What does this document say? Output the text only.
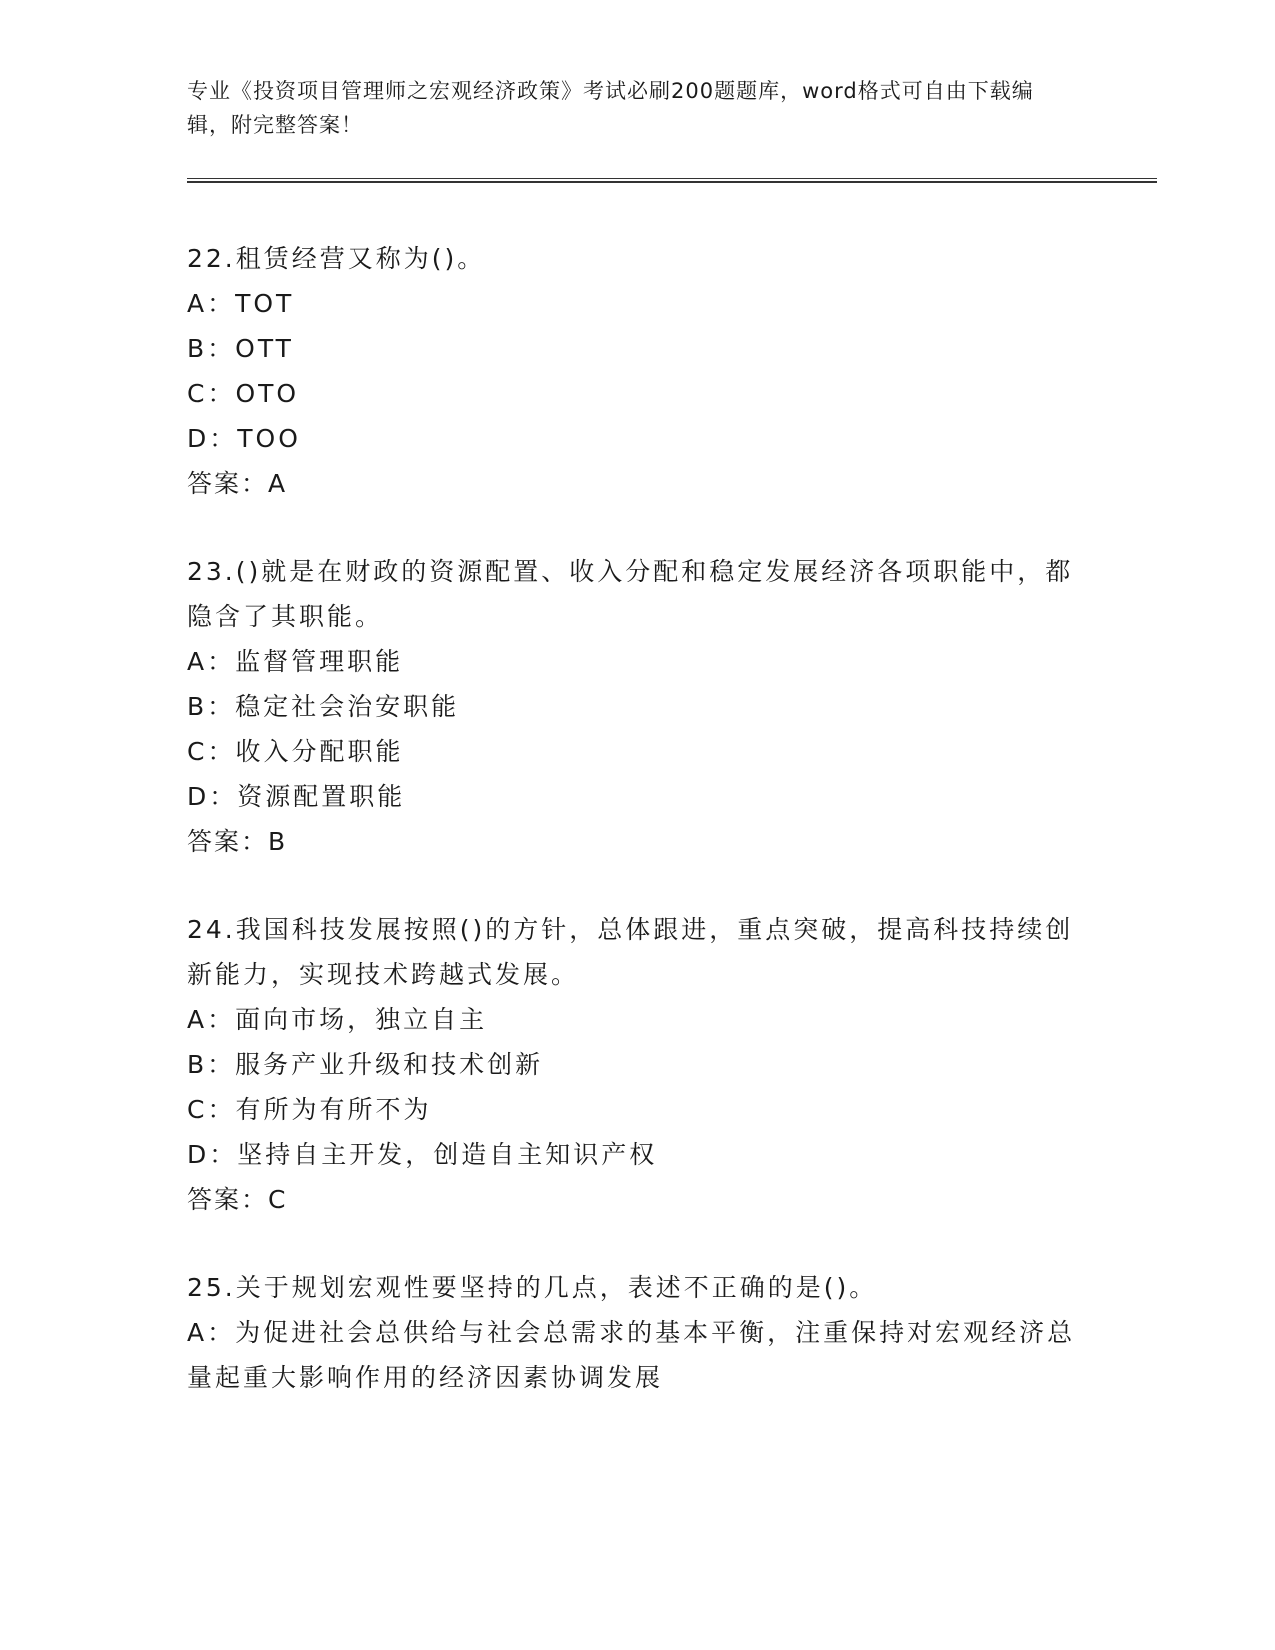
专业《投资项目管理师之宏观经济政策》考试必刷200题题库，word格式可自由下载编辑，附完整答案！
22.租赁经营又称为()。
A：TOT
B：OTT
C：OTO
D：TOO
答案：A
23.()就是在财政的资源配置、收入分配和稳定发展经济各项职能中，都隐含了其职能。
A：监督管理职能
B：稳定社会治安职能
C：收入分配职能
D：资源配置职能
答案：B
24.我国科技发展按照()的方针，总体跟进，重点突破，提高科技持续创新能力，实现技术跨越式发展。
A：面向市场，独立自主
B：服务产业升级和技术创新
C：有所为有所不为
D：坚持自主开发，创造自主知识产权
答案：C
25.关于规划宏观性要坚持的几点，表述不正确的是()。
A：为促进社会总供给与社会总需求的基本平衡，注重保持对宏观经济总量起重大影响作用的经济因素协调发展
